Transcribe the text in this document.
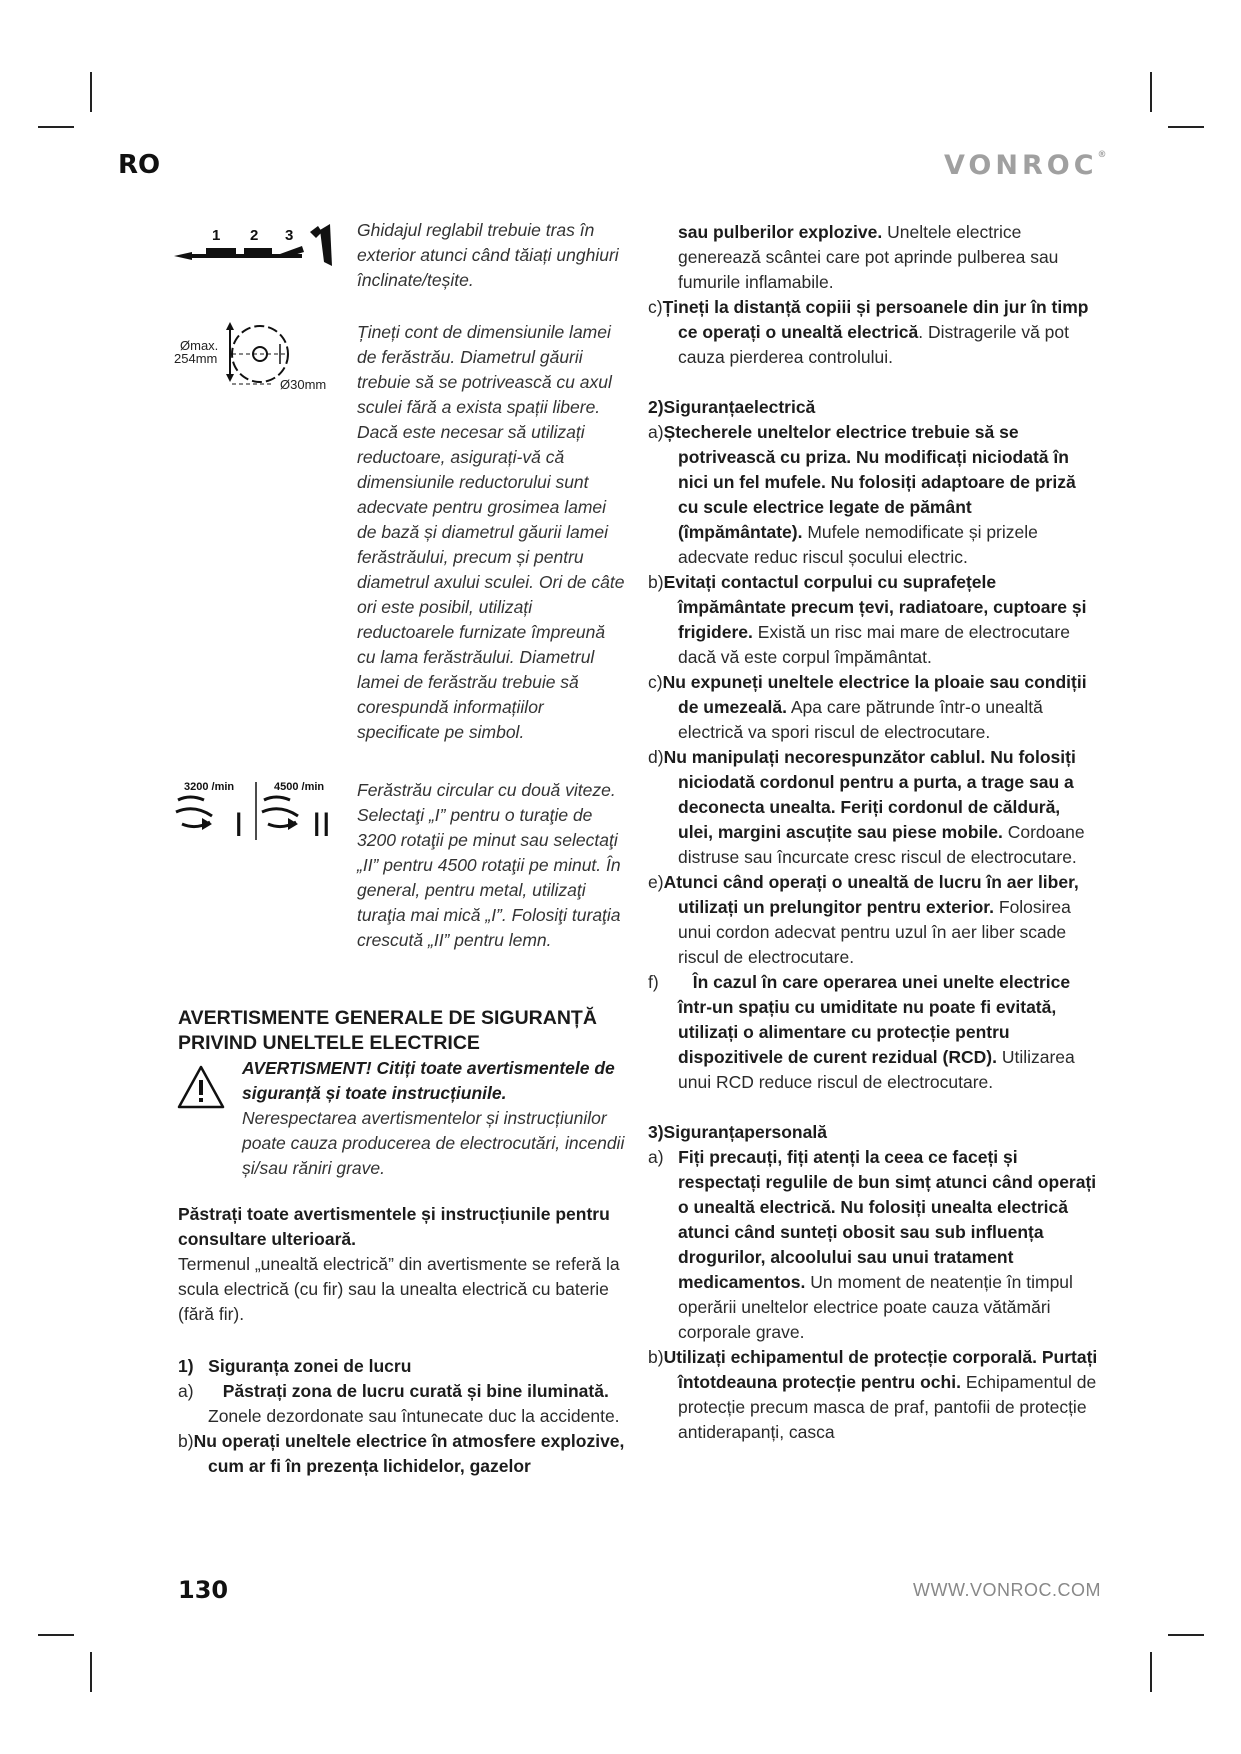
RO	VONROC®
1 2 3
Ømax.
254mm
Ø30mm
3200 /min	4500 /min
I II
Ghidajul reglabil trebuie tras în exterior atunci când tăiați unghiuri înclinate/teșite.
Țineți cont de dimensiunile lamei de ferăstrău. Diametrul găurii trebuie să se potrivească cu axul sculei fără a exista spații libere. Dacă este necesar să utilizați reductoare, asigurați-vă că dimensiunile reductorului sunt adecvate pentru grosimea lamei de bază și diametrul găurii lamei ferăstrăului, precum și pentru diametrul axului sculei. Ori de câte ori este posibil, utilizați reductoarele furnizate împreună cu lama ferăstrăului. Diametrul lamei de ferăstrău trebuie să corespundă informațiilor specificate pe simbol.
Ferăstrău circular cu două viteze. Selectaţi „I” pentru o turaţie de 3200 rotaţii pe minut sau selectaţi „II” pentru 4500 rotaţii pe minut. În general, pentru metal, utilizaţi turaţia mai mică „I”. Folosiţi turaţia crescută „II” pentru lemn.
AVERTISMENTE GENERALE DE SIGURANȚĂ PRIVIND UNELTELE ELECTRICE

AVERTISMENT! Citiți toate avertismentele de siguranță și toate instrucțiunile.

Nerespectarea avertismentelor și instrucțiunilor poate cauza producerea de electrocutări, incendii și/sau răniri grave.

Păstrați toate avertismentele și instrucțiunile pentru consultare ulterioară.

Termenul „unealtă electrică” din avertismente se referă la scula electrică (cu fir) sau la unealta electrică cu baterie (fără fir).

1) Siguranța zonei de lucru

a) Păstrați zona de lucru curată și bine iluminată. Zonele dezordonate sau întunecate duc la accidente.

b)Nu operați uneltele electrice în atmosfere explozive, cum ar fi în prezența lichidelor, gazelor

sau pulberilor explozive. Uneltele electrice generează scântei care pot aprinde pulberea sau fumurile inflamabile.

c)Țineți la distanță copiii și persoanele din jur în timp ce operați o unealtă electrică. Distragerile vă pot cauza pierderea controlului.

2)Siguranțaelectrică

a)Ștecherele uneltelor electrice trebuie să se potrivească cu priza. Nu modificați niciodată în nici un fel mufele. Nu folosiți adaptoare de priză cu scule electrice legate de pământ (împământate). Mufele nemodificate și prizele adecvate reduc riscul șocului electric.

b)Evitați contactul corpului cu suprafețele împământate precum țevi, radiatoare, cuptoare și frigidere. Există un risc mai mare de electrocutare dacă vă este corpul împământat.

c)Nu expuneți uneltele electrice la ploaie sau condiții de umezeală. Apa care pătrunde într-o unealtă electrică va spori riscul de electrocutare.

d)Nu manipulați necorespunzător cablul. Nu folosiți niciodată cordonul pentru a purta, a trage sau a deconecta unealta. Feriți cordonul de căldură, ulei, margini ascuțite sau piese mobile. Cordoane distruse sau încurcate cresc riscul de electrocutare.

e)Atunci când operați o unealtă de lucru în aer liber, utilizați un prelungitor pentru exterior. Folosirea unui cordon adecvat pentru uzul în aer liber scade riscul de electrocutare.

f) În cazul în care operarea unei unelte electrice într-un spațiu cu umiditate nu poate fi evitată, utilizați o alimentare cu protecție pentru dispozitivele de curent rezidual (RCD). Utilizarea unui RCD reduce riscul de electrocutare.

3)Siguranțapersonală

a) Fiți precauți, fiți atenți la ceea ce faceți și respectați regulile de bun simț atunci când operați o unealtă electrică. Nu folosiți unealta electrică atunci când sunteți obosit sau sub influența drogurilor, alcoolului sau unui tratament medicamentos. Un moment de neatenție în timpul operării uneltelor electrice poate cauza vătămări corporale grave.

b)Utilizați echipamentul de protecție corporală. Purtați întotdeauna protecție pentru ochi. Echipamentul de protecție precum masca de praf, pantofii de protecție antiderapanți, casca

130	WWW.VONROC.COM
